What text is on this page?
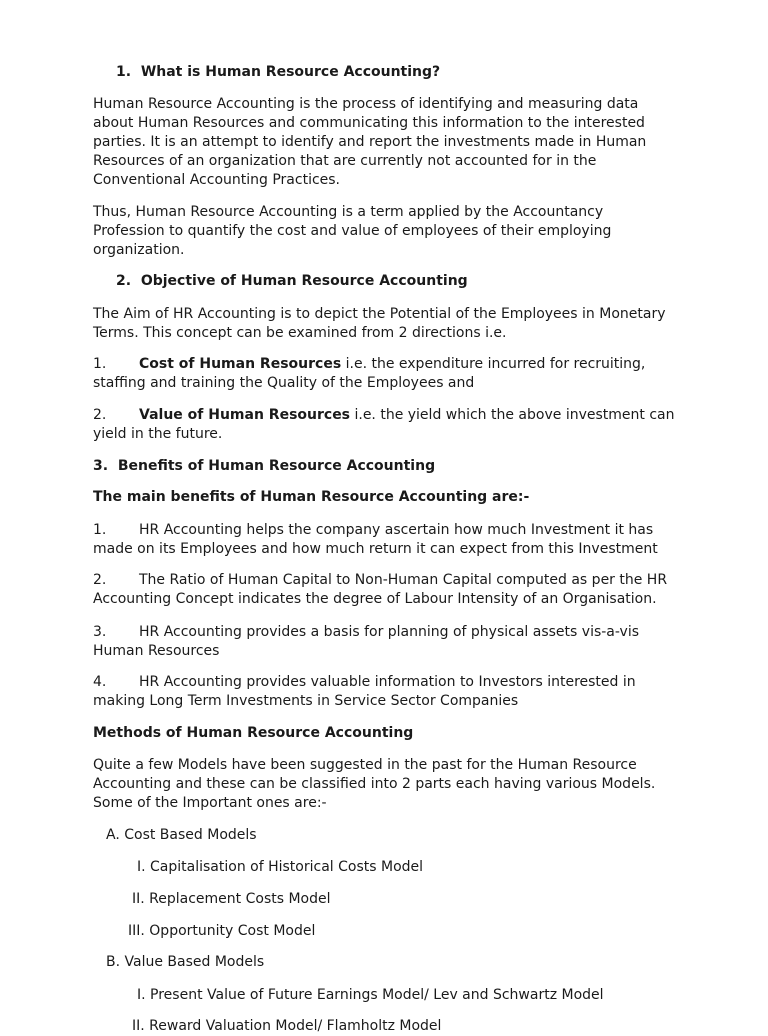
1. What is Human Resource Accounting?
Human Resource Accounting is the process of identifying and measuring data
about Human Resources and communicating this information to the interested
parties. It is an attempt to identify and report the investments made in Human
Resources of an organization that are currently not accounted for in the
Conventional Accounting Practices.
Thus, Human Resource Accounting is a term applied by the Accountancy
Profession to quantify the cost and value of employees of their employing
organization.
2. Objective of Human Resource Accounting
The Aim of HR Accounting is to depict the Potential of the Employees in Monetary
Terms. This concept can be examined from 2 directions i.e.
1. Cost of Human Resources i.e. the expenditure incurred for recruiting,
staffing and training the Quality of the Employees and
2. Value of Human Resources i.e. the yield which the above investment can
yield in the future.
3. Benefits of Human Resource Accounting
The main benefits of Human Resource Accounting are:-
1. HR Accounting helps the company ascertain how much Investment it has
made on its Employees and how much return it can expect from this Investment
2. The Ratio of Human Capital to Non-Human Capital computed as per the HR
Accounting Concept indicates the degree of Labour Intensity of an Organisation.
3. HR Accounting provides a basis for planning of physical assets vis-a-vis
Human Resources
4. HR Accounting provides valuable information to Investors interested in
making Long Term Investments in Service Sector Companies
Methods of Human Resource Accounting
Quite a few Models have been suggested in the past for the Human Resource
Accounting and these can be classified into 2 parts each having various Models.
Some of the Important ones are:-
A. Cost Based Models
I. Capitalisation of Historical Costs Model
II. Replacement Costs Model
III. Opportunity Cost Model
B. Value Based Models
I. Present Value of Future Earnings Model/ Lev and Schwartz Model
II. Reward Valuation Model/ Flamholtz Model
